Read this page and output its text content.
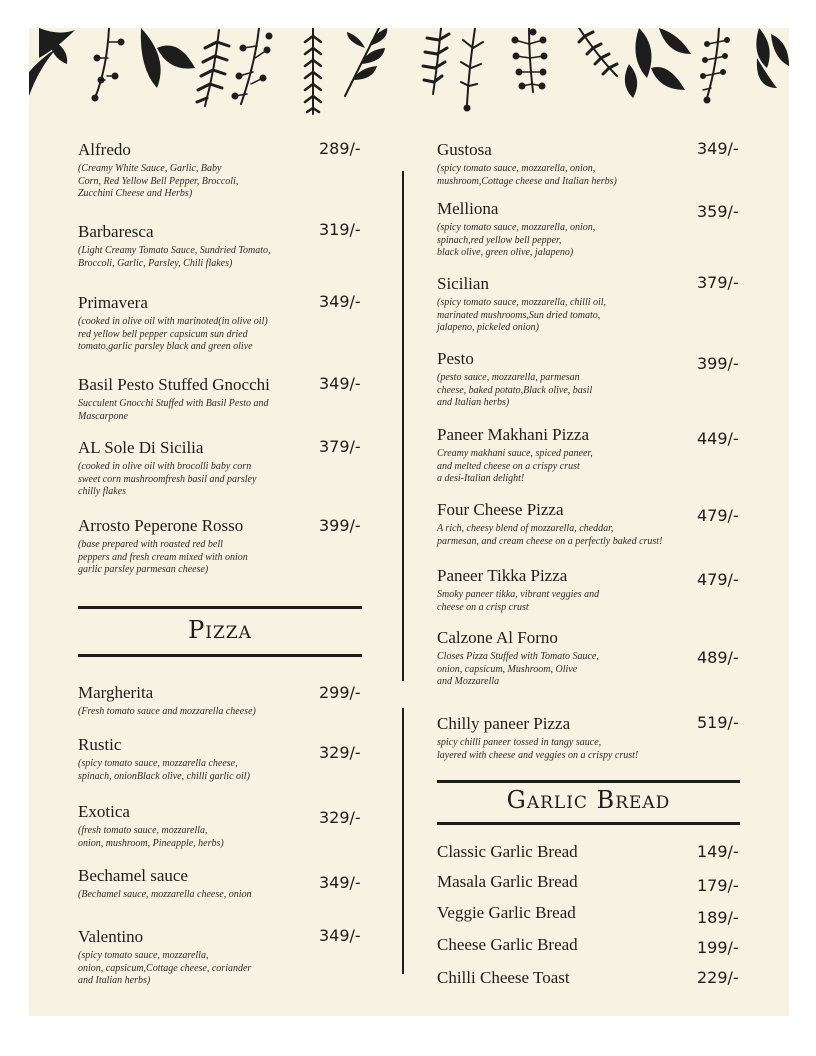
Alfredo
(Creamy White Sauce, Garlic, Baby
Corn, Red Yellow Bell Pepper, Broccoli,
Zucchini Cheese and Herbs)
289/-
Barbaresca
(Light Creamy Tomato Sauce, Sundried Tomato,
Broccoli, Garlic, Parsley, Chili flakes)
319/-
Primavera
(cooked in olive oil with marinoted(in olive oil)
red yellow bell pepper capsicum sun dried
tomato,garlic parsley black and green olive
349/-
Basil Pesto Stuffed Gnocchi
Succulent Gnocchi Stuffed with Basil Pesto and
Mascarpone
349/-
AL Sole Di Sicilia
(cooked in olive oil with brocolli baby corn
sweet corn mushroomfresh basil and parsley
chilly flakes
379/-
Arrosto Peperone Rosso
(base prepared with roasted red bell
peppers and fresh cream mixed with onion
garlic parsley parmesan cheese)
399/-
Pizza
Margherita
(Fresh tomato sauce and mozzarella cheese)
299/-
Rustic
(spicy tomato sauce, mozzarella cheese,
spinach, onionBlack olive, chilli garlic oil)
329/-
Exotica
(fresh tomato sauce, mozzarella,
onion, mushroom, Pineapple, herbs)
329/-
Bechamel sauce
(Bechamel sauce, mozzarella cheese, onion
349/-
Valentino
(spicy tomato sauce, mozzarella,
onion, capsicum,Cottage cheese, coriander
and Italian herbs)
349/-
Gustosa
(spicy tomato sauce, mozzarella, onion,
mushroom,Cottage cheese and Italian herbs)
349/-
Melliona
(spicy tomato sauce, mozzarella, onion,
spinach,red yellow bell pepper,
black olive, green olive, jalapeno)
359/-
Sicilian
(spicy tomato sauce, mozzarella, chilli oil,
marinated mushrooms,Sun dried tomato,
jalapeno, pickeled onion)
379/-
Pesto
(pesto sauce, mozzarella, parmesan
cheese, baked potato,Black olive, basil
and Italian herbs)
399/-
Paneer Makhani Pizza
Creamy makhani sauce, spiced paneer,
and melted cheese on a crispy crust
a desi-Italian delight!
449/-
Four Cheese Pizza
A rich, cheesy blend of mozzarella, cheddar,
parmesan, and cream cheese on a perfectly baked crust!
479/-
Paneer Tikka Pizza
Smoky paneer tikka, vibrant veggies and
cheese on a crisp crust
479/-
Calzone Al Forno
Closes Pizza Stuffed with Tomato Sauce,
onion, capsicum, Mushroom, Olive
and Mozzarella
489/-
Chilly paneer Pizza
spicy chilli paneer tossed in tangy sauce,
layered with cheese and veggies on a crispy crust!
519/-
Garlic Bread
Classic Garlic Bread	149/-
Masala Garlic Bread	179/-
Veggie Garlic Bread	189/-
Cheese Garlic Bread	199/-
Chilli Cheese Toast	229/-
